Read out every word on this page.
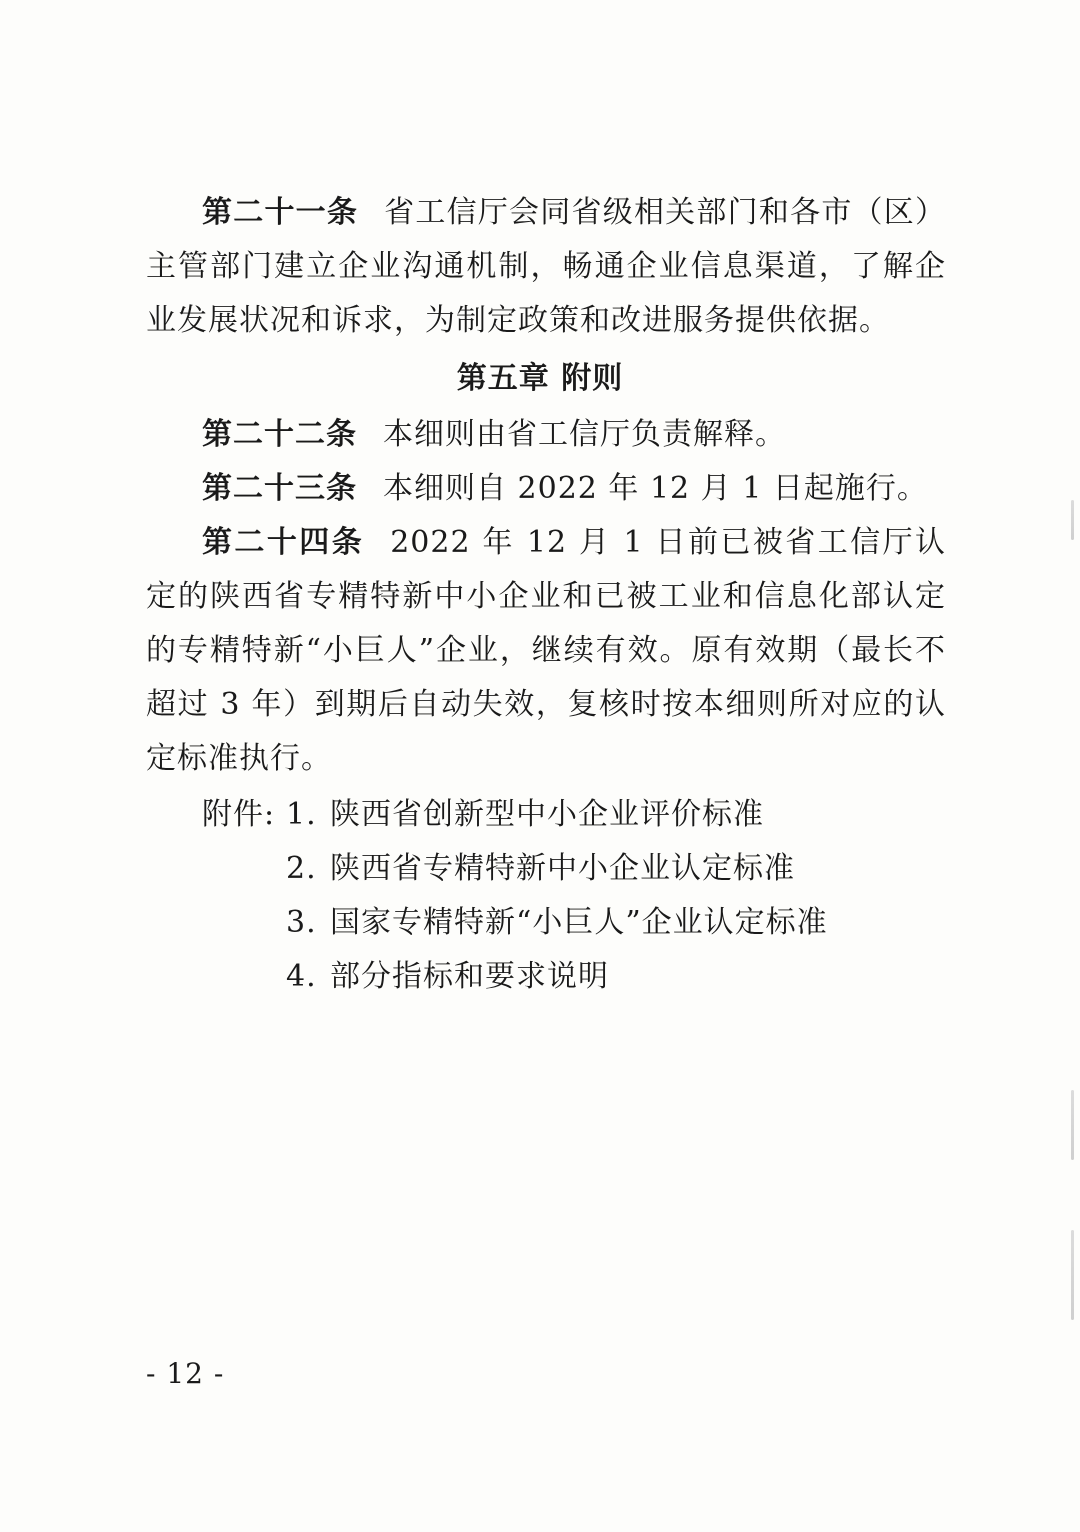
第二十一条 省工信厅会同省级相关部门和各市（区）主管部门建立企业沟通机制，畅通企业信息渠道，了解企业发展状况和诉求，为制定政策和改进服务提供依据。

第五章 附则

第二十二条 本细则由省工信厅负责解释。

第二十三条 本细则自 2022 年 12 月 1 日起施行。

第二十四条 2022 年 12 月 1 日前已被省工信厅认定的陕西省专精特新中小企业和已被工业和信息化部认定的专精特新“小巨人”企业，继续有效。原有效期（最长不超过 3 年）到期后自动失效，复核时按本细则所对应的认定标准执行。

附件: 1. 陕西省创新型中小企业评价标准
2. 陕西省专精特新中小企业认定标准
3. 国家专精特新“小巨人”企业认定标准
4. 部分指标和要求说明
- 12 -
